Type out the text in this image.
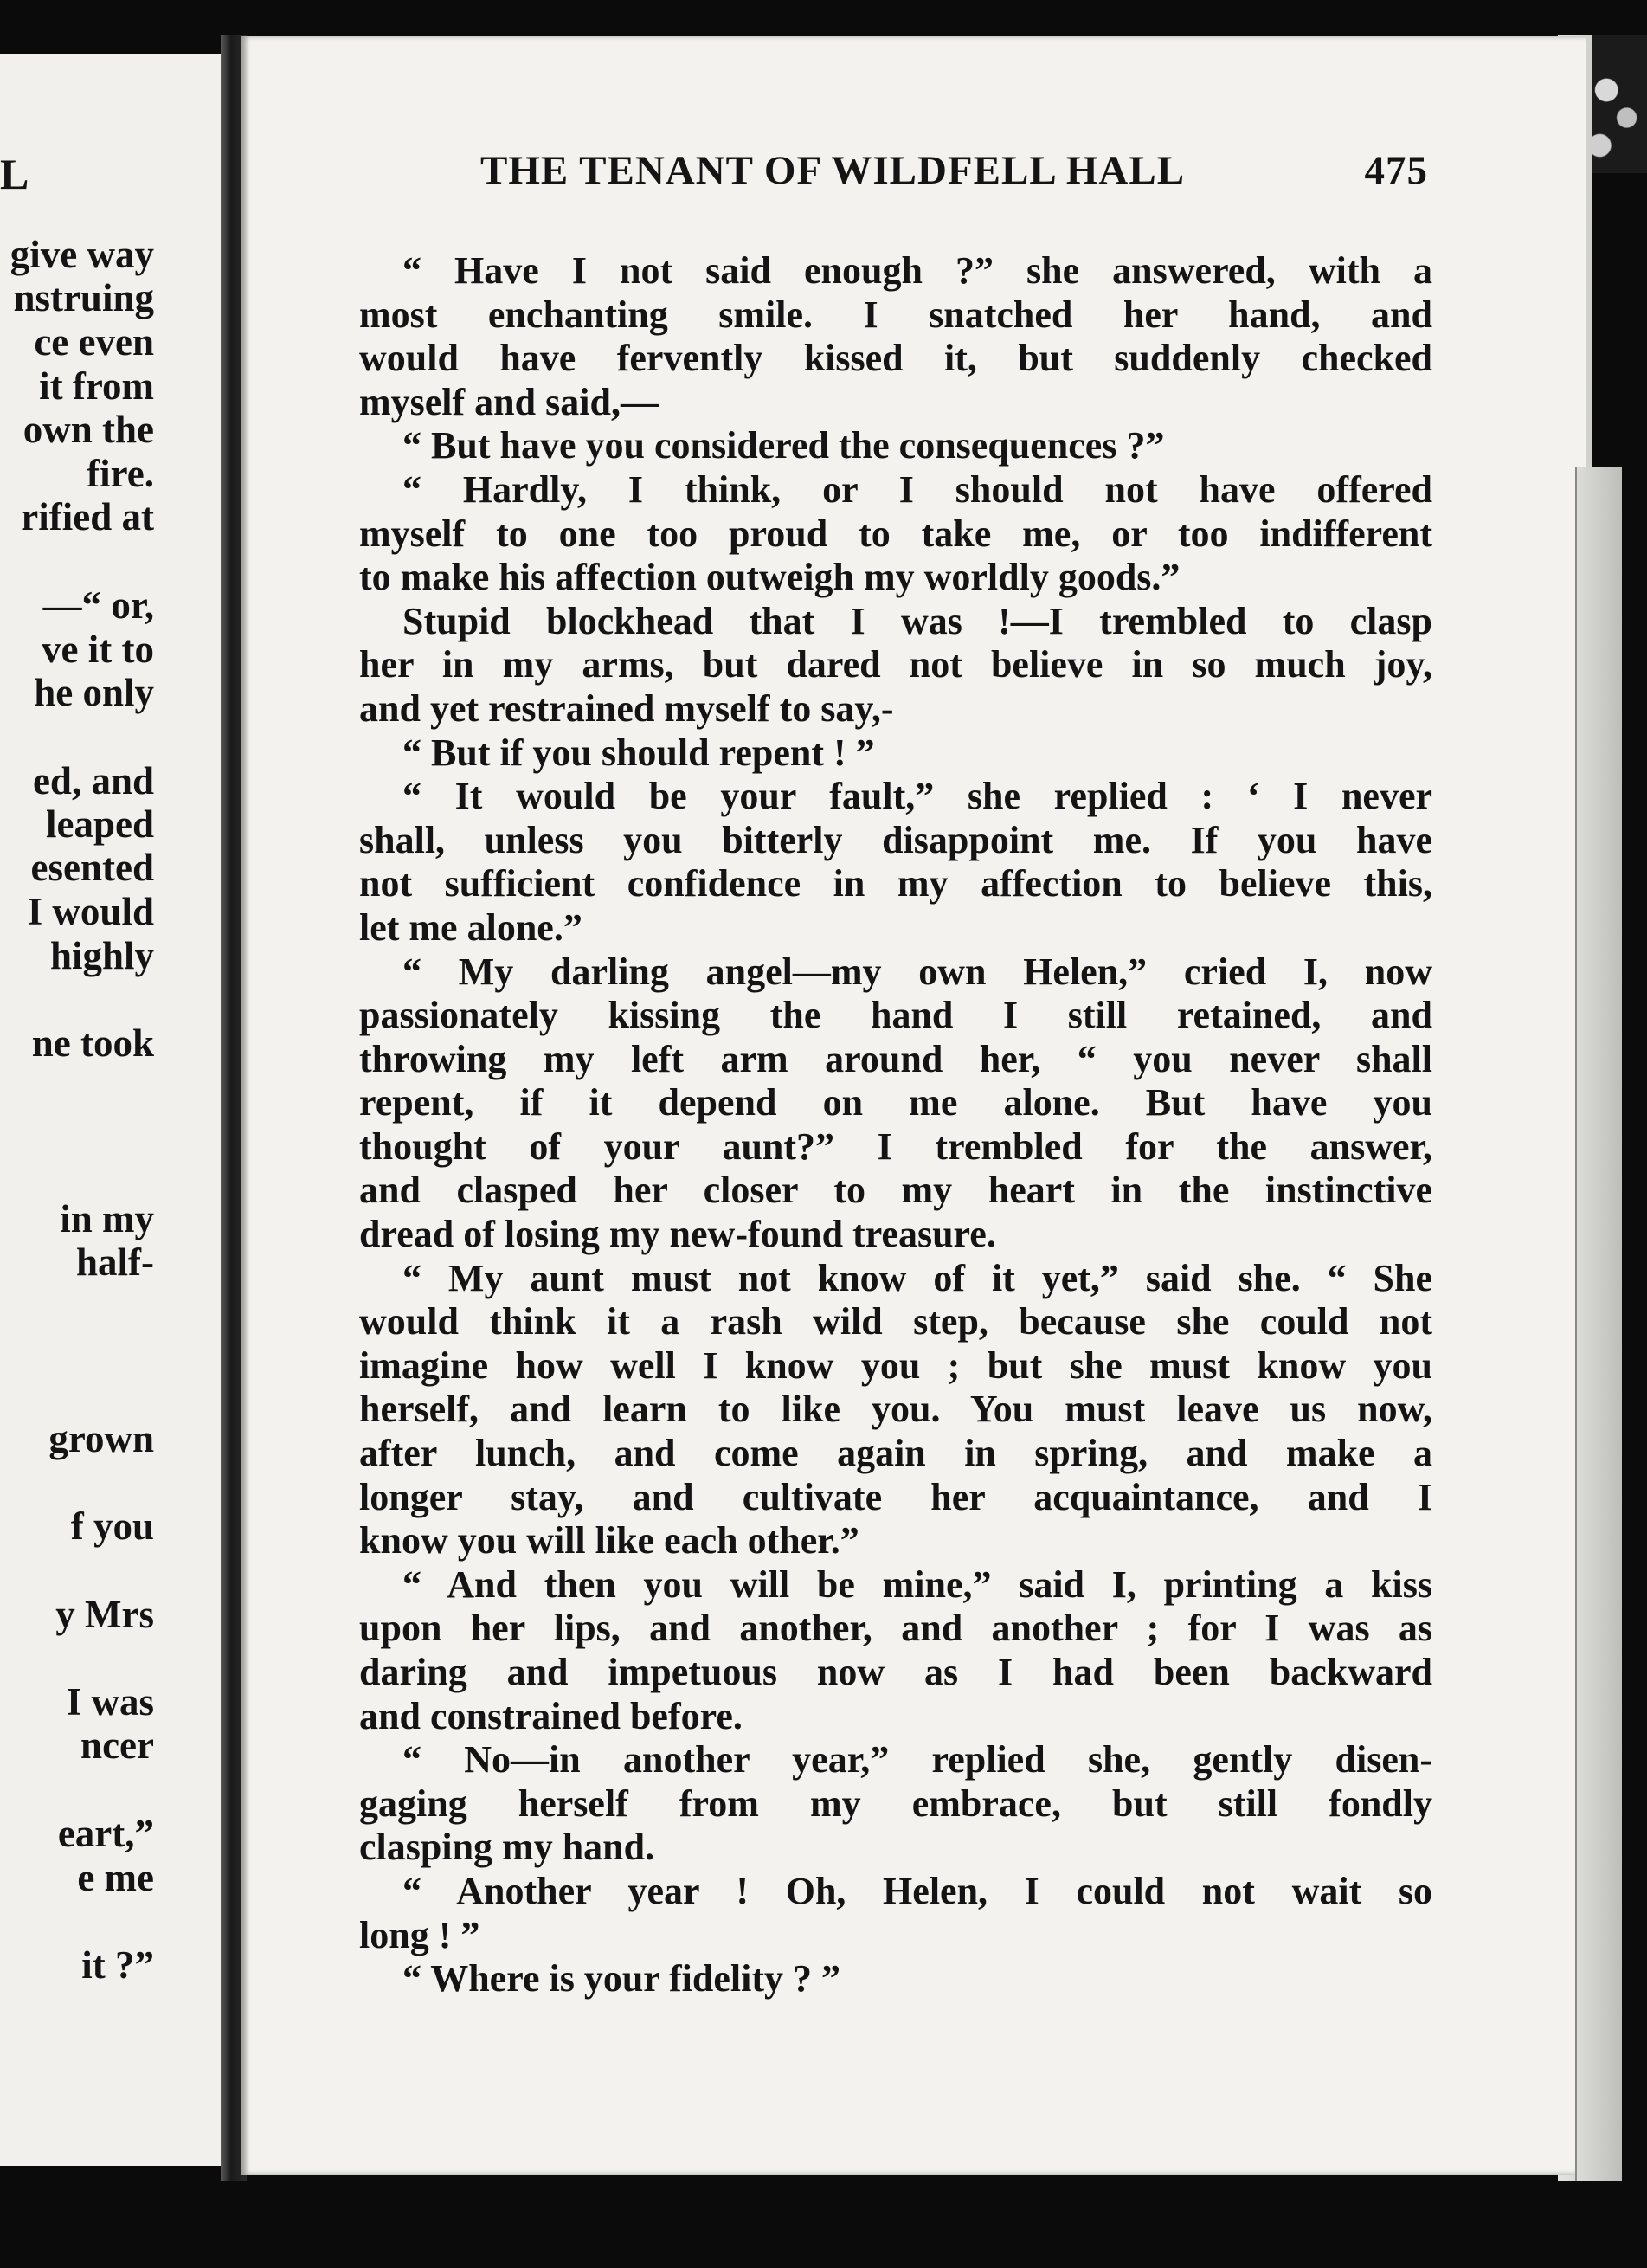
L
give way
nstruing
ce even
it from
own the
fire.
rified at
—“ or,
ve it to
he only
ed, and
leaped
esented
I would
highly
ne took
in my
half-
grown
f you
y Mrs
I was
ncer
eart,”
e me
it ?”
THE TENANT OF WILDFELL HALL	475
“ Have I not said enough ?” she answered, with a
most enchanting smile. I snatched her hand, and
would have fervently kissed it, but suddenly checked
myself and said,—
“ But have you considered the consequences ?”
“ Hardly, I think, or I should not have offered
myself to one too proud to take me, or too indifferent
to make his affection outweigh my worldly goods.”
Stupid blockhead that I was !—I trembled to clasp
her in my arms, but dared not believe in so much joy,
and yet restrained myself to say,-
“ But if you should repent ! ”
“ It would be your fault,” she replied : ‘ I never
shall, unless you bitterly disappoint me. If you have
not sufficient confidence in my affection to believe this,
let me alone.”
“ My darling angel—my own Helen,” cried I, now
passionately kissing the hand I still retained, and
throwing my left arm around her, “ you never shall
repent, if it depend on me alone. But have you
thought of your aunt?” I trembled for the answer,
and clasped her closer to my heart in the instinctive
dread of losing my new-found treasure.
“ My aunt must not know of it yet,” said she. “ She
would think it a rash wild step, because she could not
imagine how well I know you ; but she must know you
herself, and learn to like you. You must leave us now,
after lunch, and come again in spring, and make a
longer stay, and cultivate her acquaintance, and I
know you will like each other.”
“ And then you will be mine,” said I, printing a kiss
upon her lips, and another, and another ; for I was as
daring and impetuous now as I had been backward
and constrained before.
“ No—in another year,” replied she, gently disen-
gaging herself from my embrace, but still fondly
clasping my hand.
“ Another year ! Oh, Helen, I could not wait so
long ! ”
“ Where is your fidelity ? ”
